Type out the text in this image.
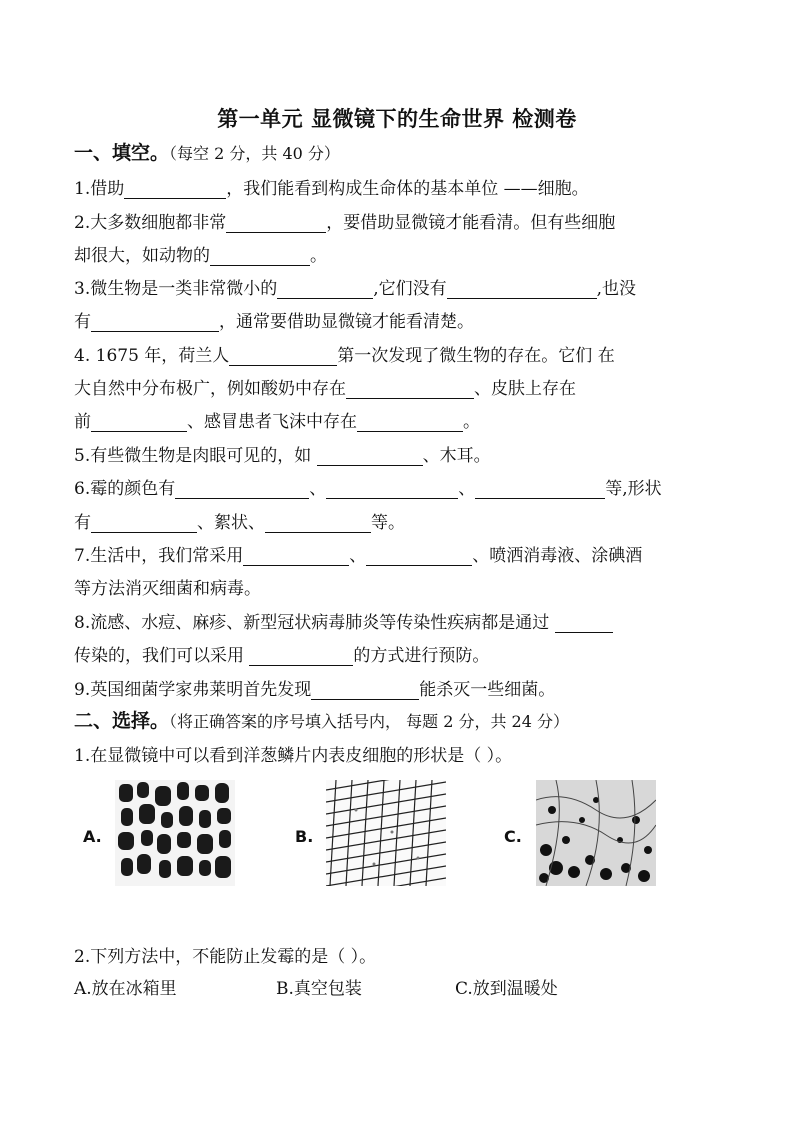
第一单元 显微镜下的生命世界 检测卷
一、填空。（每空 2 分，共 40 分）
1.借助	，我们能看到构成生命体的基本单位 ——细胞。
2.大多数细胞都非常	，要借助显微镜才能看清。但有些细胞
却很大，如动物的	。
3.微生物是一类非常微小的	,它们没有	,也没
有	，通常要借助显微镜才能看清楚。
4. 1675 年，荷兰人	第一次发现了微生物的存在。它们 在
大自然中分布极广，例如酸奶中存在	、皮肤上存在
前	、感冒患者飞沫中存在	。
5.有些微生物是肉眼可见的，如	、木耳。
6.霉的颜色有	、	、	等,形状
有	、絮状、	等。
7.生活中，我们常采用	、	、喷洒消毒液、涂碘酒
等方法消灭细菌和病毒。
8.流感、水痘、麻疹、新型冠状病毒肺炎等传染性疾病都是通过
传染的，我们可以采用	的方式进行预防。
9.英国细菌学家弗莱明首先发现	能杀灭一些细菌。
二、选择。（将正确答案的序号填入括号内， 每题 2 分，共 24 分）
1.在显微镜中可以看到洋葱鳞片内表皮细胞的形状是（ ）。
A.	B.	C.
2.下列方法中，不能防止发霉的是（ ）。
A.放在冰箱里	B.真空包装	C.放到温暖处
